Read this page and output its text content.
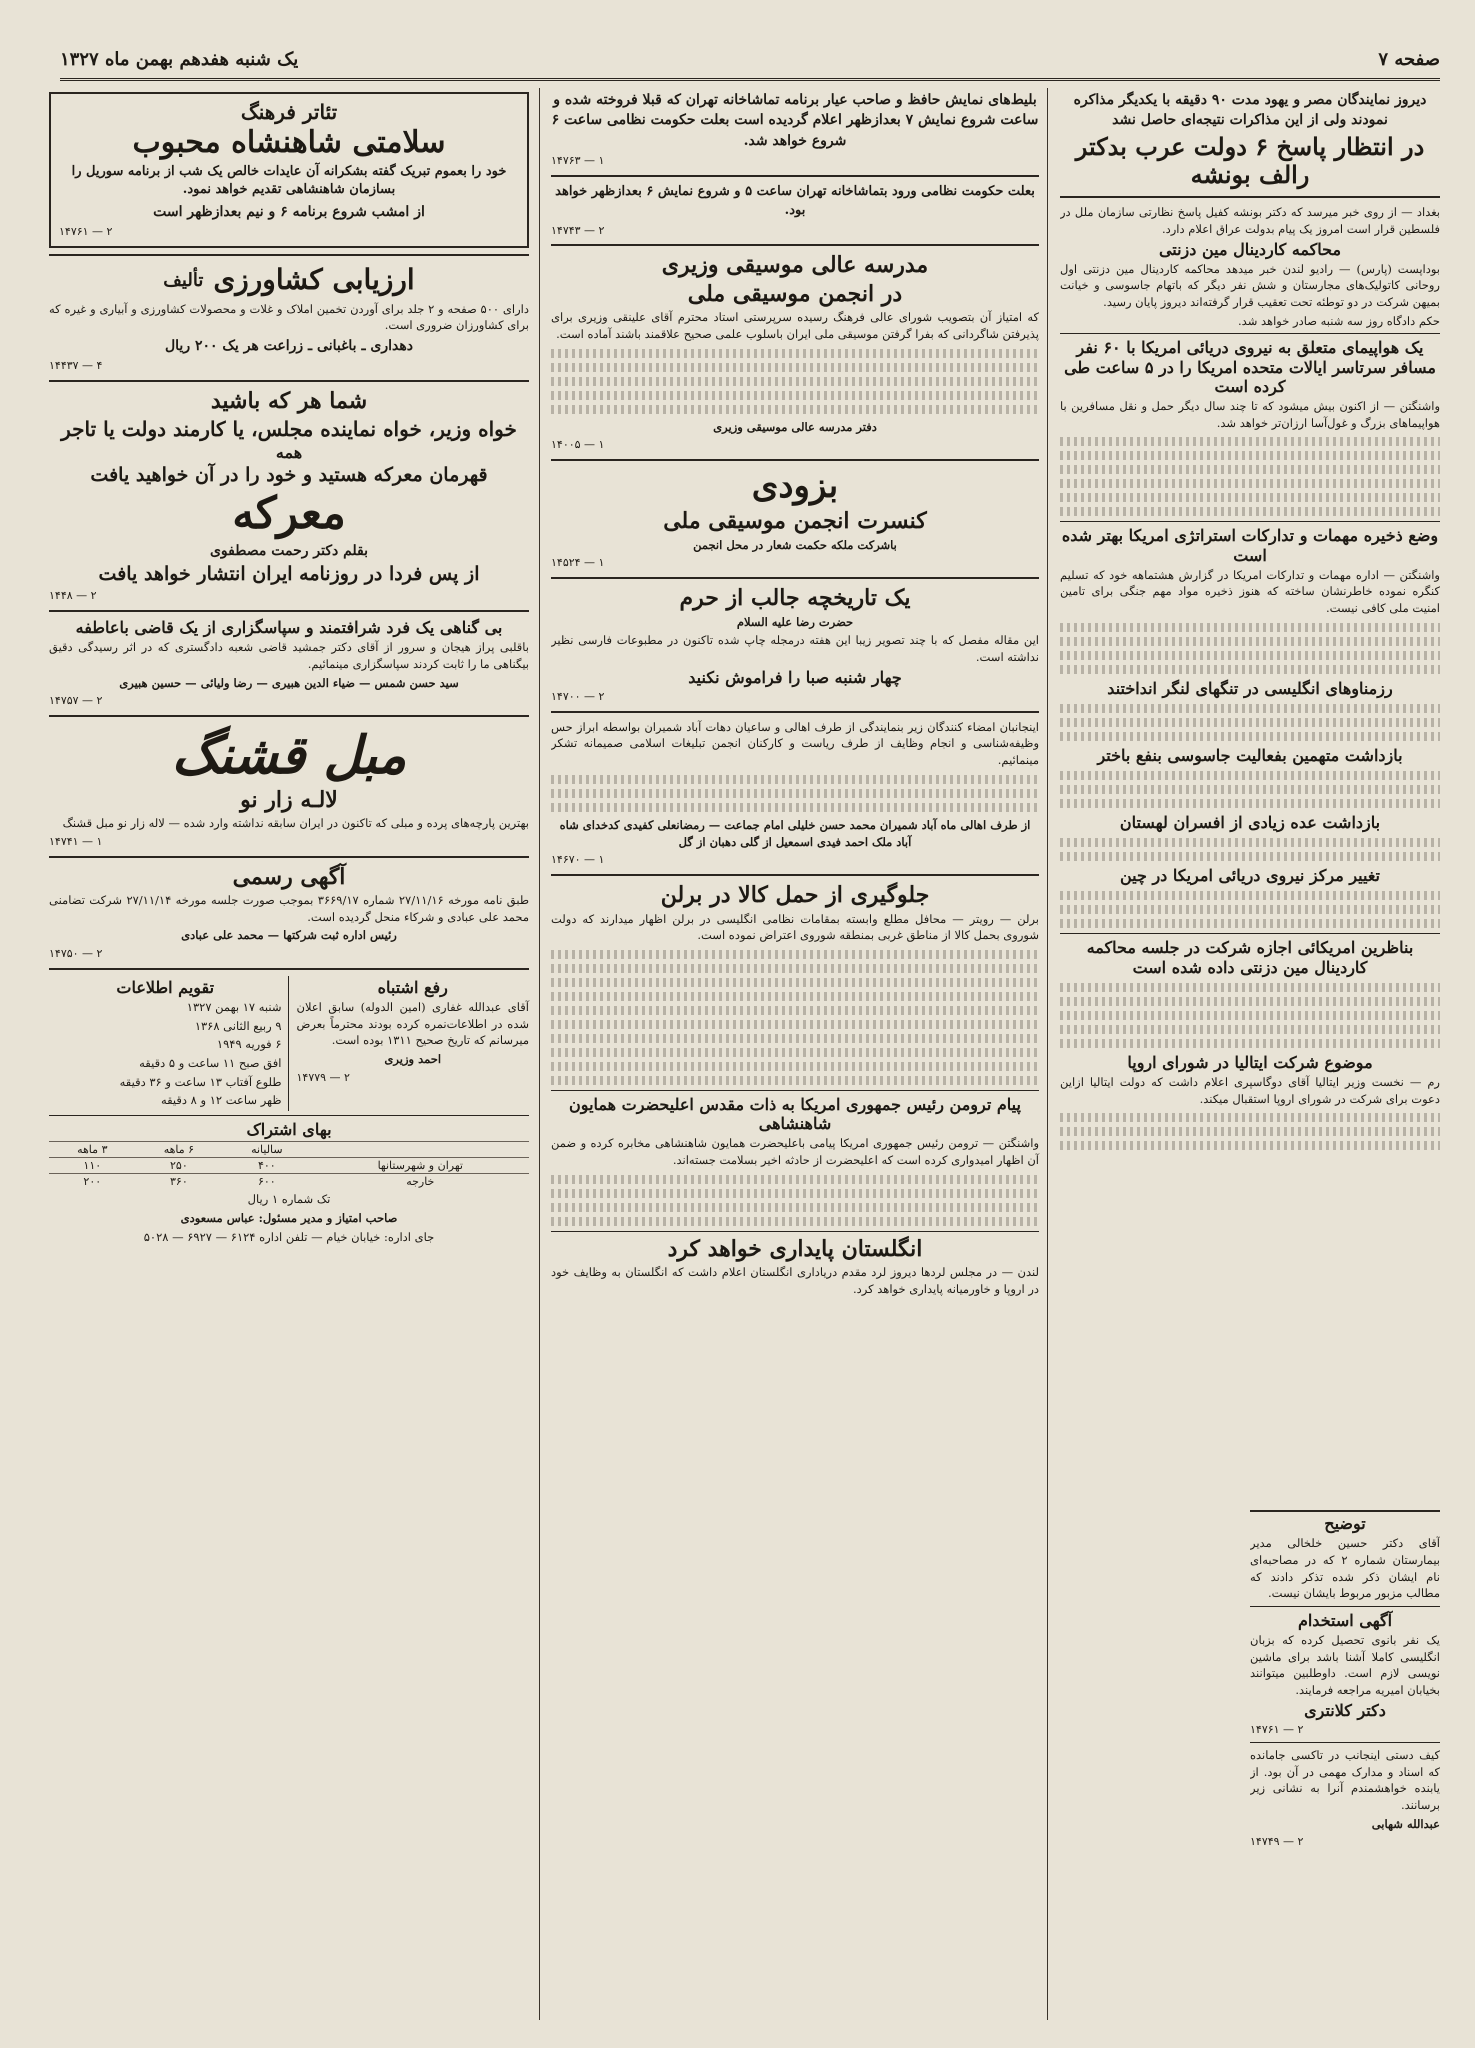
صفحه ۷
یک شنبه هفدهم بهمن ماه ۱۳۲۷

دیروز نمایندگان مصر و یهود مدت ۹۰ دقیقه با یکدیگر مذاکره نمودند ولی از این مذاکرات نتیجه‌ای حاصل نشد

در انتظار پاسخ ۶ دولت عرب بدکتر رالف بونشه

بغداد — از روی خبر میرسد که دکتر بونشه کفیل پاسخ نظارتی سازمان ملل در فلسطین قرار است امروز یک پیام بدولت عراق اعلام دارد.

محاکمه کاردینال مین دزنتی

بوداپست (پارس) — رادیو لندن خبر میدهد محاکمه کاردینال مین دزنتی اول روحانی کاتولیک‌های مجارستان و شش نفر دیگر که باتهام جاسوسی و خیانت بمیهن شرکت در دو توطئه تحت تعقیب قرار گرفته‌اند دیروز پایان رسید.

حکم دادگاه روز سه شنبه صادر خواهد شد.

یک هواپیمای متعلق به نیروی دریائی امریکا با ۶۰ نفر مسافر سرتاسر ایالات متحده امریکا را در ۵ ساعت طی کرده است

واشنگتن — از اکنون بیش میشود که تا چند سال دیگر حمل و نقل مسافرین با هواپیماهای بزرگ و غول‌آسا ارزان‌تر خواهد شد.

وضع ذخیره مهمات و تدارکات استراتژی امریکا بهتر شده است

واشنگتن — اداره مهمات و تدارکات امریکا در گزارش هشتماهه خود که تسلیم کنگره نموده خاطرنشان ساخته که هنوز ذخیره مواد مهم جنگی برای تامین امنیت ملی کافی نیست.

رزمناوهای انگلیسی در تنگهای لنگر انداختند
بازداشت متهمین بفعالیت جاسوسی بنفع باختر
بازداشت عده زیادی از افسران لهستان
تغییر مرکز نیروی دریائی امریکا در چین
بناظرین امریکائی اجازه شرکت در جلسه محاکمه کاردینال مین دزنتی داده شده است
موضوع شرکت ایتالیا در شورای اروپا

رم — نخست وزیر ایتالیا آقای دوگاسپری اعلام داشت که دولت ایتالیا ازاین دعوت برای شرکت در شورای اروپا استقبال میکند.

توضیح

آقای دکتر حسین خلخالی مدیر بیمارستان شماره ۲ که در مصاحبه‌ای نام ایشان ذکر شده تذکر دادند که مطالب مزبور مربوط بایشان نیست.

آگهی استخدام

یک نفر بانوی تحصیل کرده که بزبان انگلیسی کاملا آشنا باشد برای ماشین نویسی لازم است. داوطلبین میتوانند بخیابان امیریه مراجعه فرمایند.

دکتر کلانتری

۱۴۷۶۱ — ۲

کیف دستی اینجانب در تاکسی جامانده که اسناد و مدارک مهمی در آن بود. از یابنده خواهشمندم آنرا به نشانی زیر برسانند.

عبدالله شهابی

۱۴۷۴۹ — ۲

بلیط‌های نمایش حافظ و صاحب عیار برنامه تماشاخانه تهران که قبلا فروخته شده و ساعت شروع نمایش ۷ بعدازظهر اعلام گردیده است بعلت حکومت نظامی ساعت ۶ شروع خواهد شد.

۱۴۷۶۳ — ۱

بعلت حکومت نظامی ورود بتماشاخانه تهران ساعت ۵ و شروع نمایش ۶ بعدازظهر خواهد بود.

۱۴۷۴۳ — ۲

مدرسه عالی موسیقی وزیری
در انجمن موسیقی ملی

که امتیاز آن بتصویب شورای عالی فرهنگ رسیده سرپرستی استاد محترم آقای علینقی وزیری برای پذیرفتن شاگردانی که بفرا گرفتن موسیقی ملی ایران باسلوب علمی صحیح علاقمند باشند آماده است.

دفتر مدرسه عالی موسیقی وزیری

۱۴۰۰۵ — ۱

بزودی
کنسرت انجمن موسیقی ملی

باشرکت ملکه حکمت شعار در محل انجمن

۱۴۵۲۴ — ۱

یک تاریخچه جالب از حرم

حضرت رضا علیه السلام

این مقاله مفصل که با چند تصویر زیبا این هفته درمجله چاپ شده تاکنون در مطبوعات فارسی نظیر نداشته است.

چهار شنبه صبا را فراموش نکنید

۱۴۷۰۰ — ۲

اینجانبان امضاء کنندگان زیر بنمایندگی از طرف اهالی و ساعیان دهات آباد شمیران بواسطه ابراز حس وظیفه‌شناسی و انجام وظایف از طرف ریاست و کارکنان انجمن تبلیغات اسلامی صمیمانه تشکر مینمائیم.

از طرف اهالی ماه آباد شمیران محمد حسن خلیلی امام جماعت — رمضانعلی کفیدی کدخدای شاه آباد ملک احمد فیدی اسمعیل از گلی دهبان از گل

۱۴۶۷۰ — ۱

جلوگیری از حمل کالا در برلن

برلن — رویتر — محافل مطلع وابسته بمقامات نظامی انگلیسی در برلن اظهار میدارند که دولت شوروی بحمل کالا از مناطق غربی بمنطقه شوروی اعتراض نموده است.

پیام ترومن رئیس جمهوری امریکا به ذات مقدس اعلیحضرت همایون شاهنشاهی

واشنگتن — ترومن رئیس جمهوری امریکا پیامی باعلیحضرت همایون شاهنشاهی مخابره کرده و ضمن آن اظهار امیدواری کرده است که اعلیحضرت از حادثه اخیر بسلامت جسته‌اند.

انگلستان پایداری خواهد کرد

لندن — در مجلس لردها دیروز لرد مقدم دریاداری انگلستان اعلام داشت که انگلستان به وظایف خود در اروپا و خاورمیانه پایداری خواهد کرد.

تئاتر فرهنگ
سلامتی شاهنشاه محبوب

خود را بعموم تبریک گفته بشکرانه آن عایدات خالص یک شب از برنامه سوریل را بسازمان شاهنشاهی تقدیم خواهد نمود.

از امشب شروع برنامه ۶ و نیم بعدازظهر است

۱۴۷۶۱ — ۲

ارزیابی کشاورزی
تألیف

دارای ۵۰۰ صفحه و ۲ جلد برای آوردن تخمین املاک و غلات و محصولات کشاورزی و آبیاری و غیره که برای کشاورزان ضروری است.

دهداری ـ باغبانی ـ زراعت هر یک ۲۰۰ ریال

۱۴۴۳۷ — ۴

شما هر که باشید
خواه وزیر، خواه نماینده مجلس، یا کارمند دولت یا تاجر
همه
قهرمان معرکه هستید و خود را در آن خواهید یافت
معرکه

بقلم دکتر رحمت مصطفوی

از پس فردا در روزنامه ایران انتشار خواهد یافت

۱۴۴۸ — ۲

بی گناهی یک فرد شرافتمند و سپاسگزاری از یک قاضی باعاطفه

باقلبی پراز هیجان و سرور از آقای دکتر جمشید قاضی شعبه دادگستری که در اثر رسیدگی دقیق بیگناهی ما را ثابت کردند سپاسگزاری مینمائیم.

سید حسن شمس — ضیاء الدین هبیری — رضا ولیائی — حسین هبیری

۱۴۷۵۷ — ۲

مبل قشنگ
لالـه زار نو

بهترین پارچه‌های پرده و مبلی که تاکنون در ایران سابقه نداشته وارد شده — لاله زار نو مبل قشنگ

۱۴۷۴۱ — ۱

آگهی رسمی

طبق نامه مورخه ۲۷/۱۱/۱۶ شماره ۳۶۶۹/۱۷ بموجب صورت جلسه مورخه ۲۷/۱۱/۱۴ شرکت تضامنی محمد علی عبادی و شرکاء منحل گردیده است.

رئیس اداره ثبت شرکتها — محمد علی عبادی

۱۴۷۵۰ — ۲

رفع اشتباه

آقای عبدالله غفاری (امین الدوله) سابق اعلان شده در اطلاعات‌نمره کرده بودند محترماً بعرض میرسانم که تاریخ صحیح ۱۳۱۱ بوده است.

احمد وزیری

۱۴۷۷۹ — ۲

تقویم اطلاعات

شنبه ۱۷ بهمن ۱۳۲۷

۹ ربیع الثانی ۱۳۶۸

۶ فوریه ۱۹۴۹

افق صبح ۱۱ ساعت و ۵ دقیقه

طلوع آفتاب ۱۳ ساعت و ۳۶ دقیقه

ظهر ساعت ۱۲ و ۸ دقیقه

بهای اشتراک
	ساليانه	۶ ماهه	۳ ماهه
تهران و شهرستانها	۴۰۰	۲۵۰	۱۱۰
خارجه	۶۰۰	۳۶۰	۲۰۰

تک شماره ۱ ریال

صاحب امتیاز و مدیر مسئول: عباس مسعودی

جای اداره: خیابان خیام — تلفن اداره ۶۱۲۴ — ۶۹۲۷ — ۵۰۲۸
